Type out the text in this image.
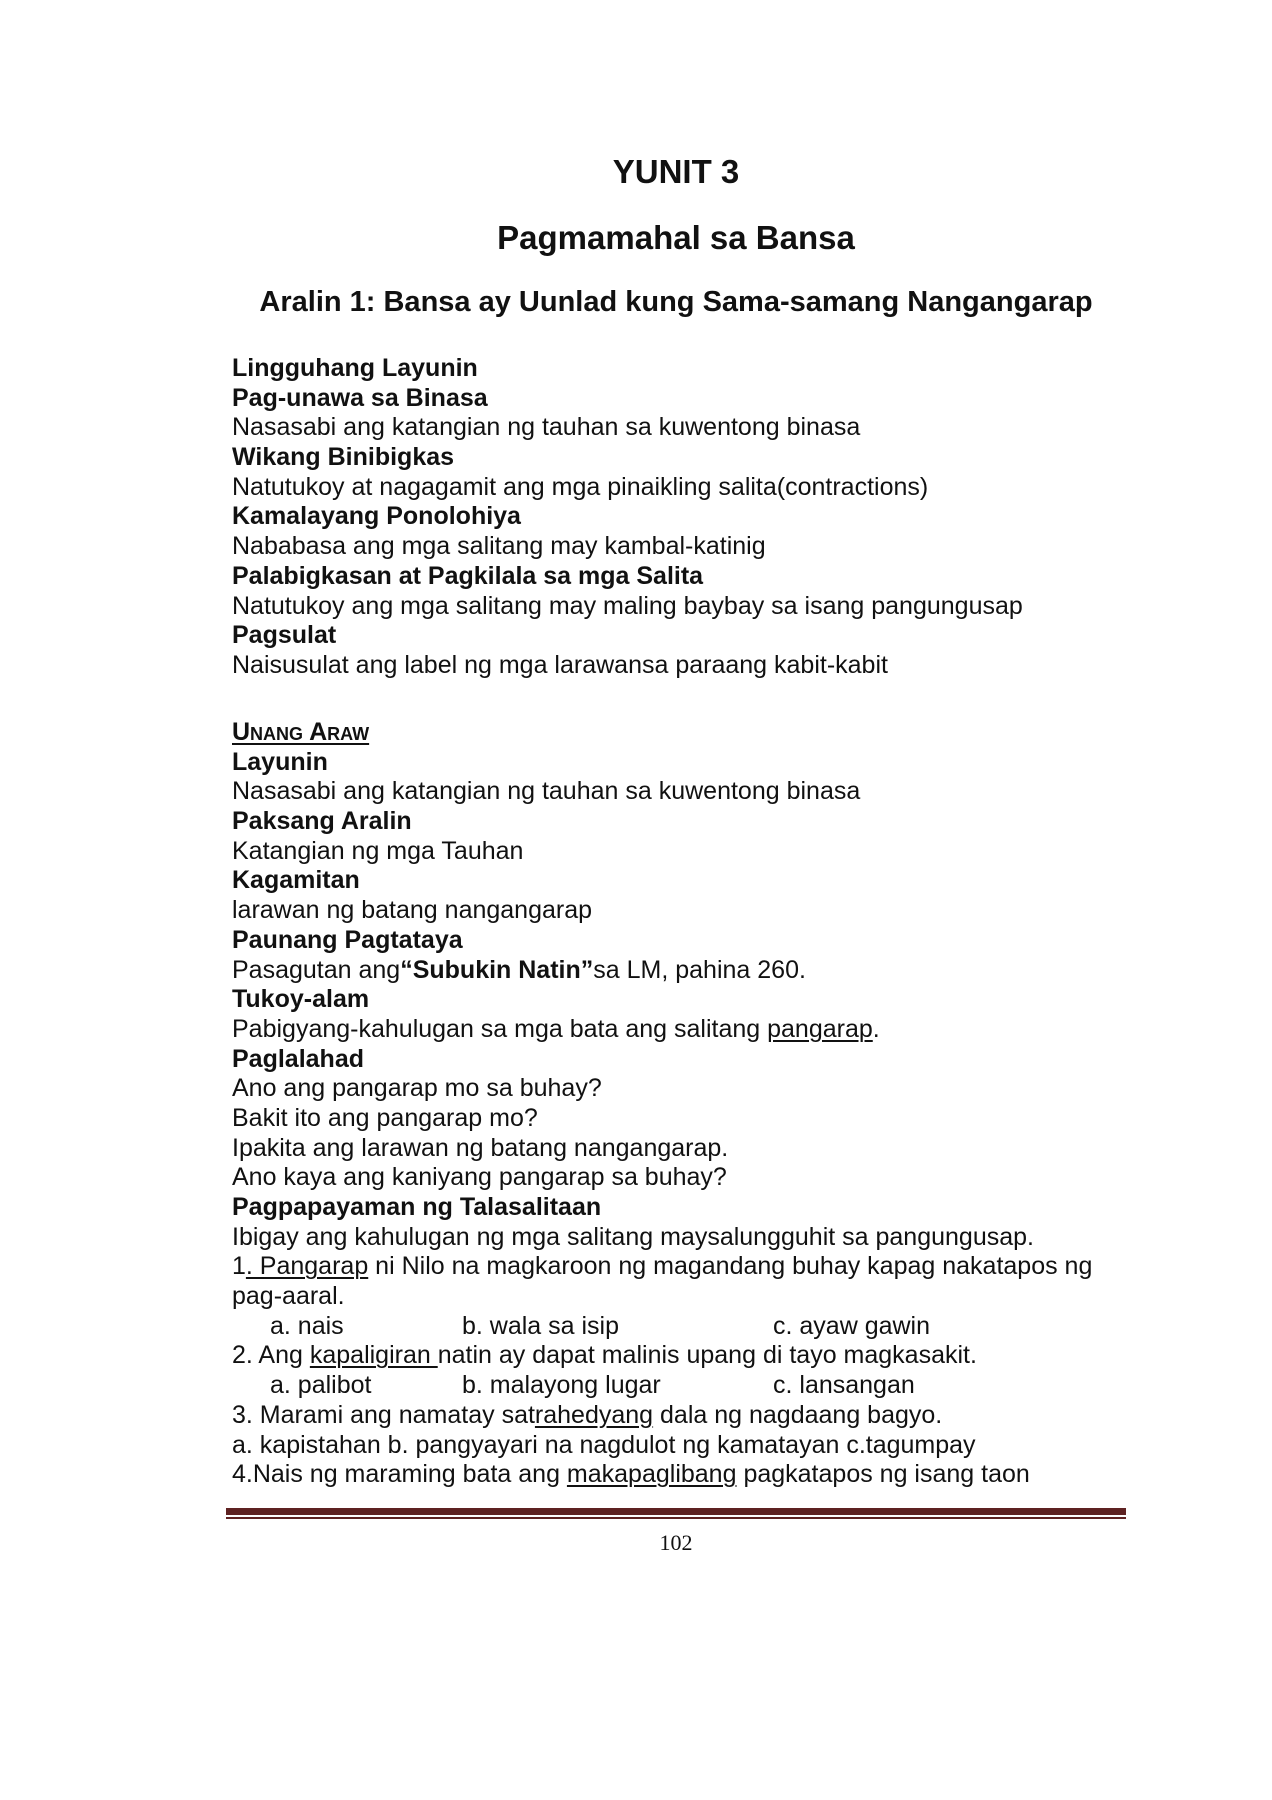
YUNIT 3
Pagmamahal sa Bansa
Aralin 1: Bansa ay Uunlad kung Sama-samang Nangangarap
Lingguhang Layunin
Pag-unawa sa Binasa
Nasasabi ang katangian ng tauhan sa kuwentong binasa
Wikang Binibigkas
Natutukoy at nagagamit ang mga pinaikling salita(contractions)
Kamalayang Ponolohiya
Nababasa ang mga salitang may kambal-katinig
Palabigkasan at Pagkilala sa mga Salita
Natutukoy ang mga salitang may maling baybay sa isang pangungusap
Pagsulat
Naisusulat ang label ng mga larawansa paraang kabit-kabit
Unang Araw
Layunin
Nasasabi ang katangian ng tauhan sa kuwentong binasa
Paksang Aralin
Katangian ng mga Tauhan
Kagamitan
larawan ng batang nangangarap
Paunang Pagtataya
Pasagutan ang“Subukin Natin”sa LM, pahina 260.
Tukoy-alam
Pabigyang-kahulugan sa mga bata ang salitang pangarap.
Paglalahad
Ano ang pangarap mo sa buhay?
Bakit ito ang pangarap mo?
Ipakita ang larawan ng batang nangangarap.
Ano kaya ang kaniyang pangarap sa buhay?
Pagpapayaman ng Talasalitaan
Ibigay ang kahulugan ng mga salitang maysalungguhit sa pangungusap.
1. Pangarap ni Nilo na magkaroon ng magandang buhay kapag nakatapos ng
pag-aaral.
a. nais	b. wala sa isip	c. ayaw gawin
2. Ang kapaligiran natin ay dapat malinis upang di tayo magkasakit.
a. palibot	b. malayong lugar	c. lansangan
3. Marami ang namatay satrahedyang dala ng nagdaang bagyo.
a. kapistahan b. pangyayari na nagdulot ng kamatayan c.tagumpay
4.Nais ng maraming bata ang makapaglibang pagkatapos ng isang taon
102
